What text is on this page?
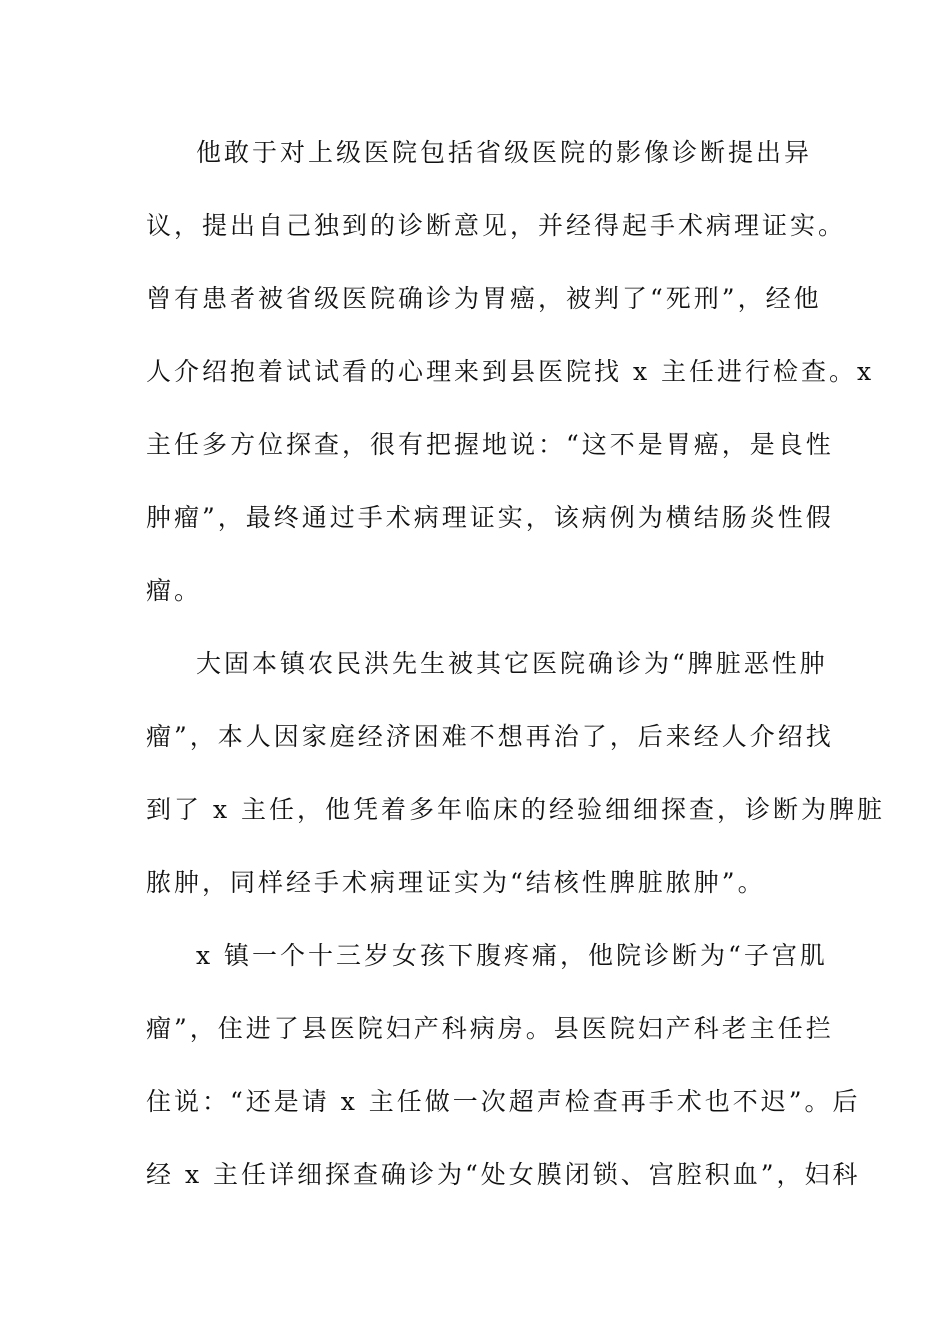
他敢于对上级医院包括省级医院的影像诊断提出异

议，提出自己独到的诊断意见，并经得起手术病理证实。

曾有患者被省级医院确诊为胃癌，被判了“死刑”，经他

人介绍抱着试试看的心理来到县医院找 x 主任进行检查。x

主任多方位探查，很有把握地说：“这不是胃癌，是良性

肿瘤”，最终通过手术病理证实，该病例为横结肠炎性假

瘤。

大固本镇农民洪先生被其它医院确诊为“脾脏恶性肿

瘤”，本人因家庭经济困难不想再治了，后来经人介绍找

到了 x 主任，他凭着多年临床的经验细细探查，诊断为脾脏

脓肿，同样经手术病理证实为“结核性脾脏脓肿”。

x 镇一个十三岁女孩下腹疼痛，他院诊断为“子宫肌

瘤”，住进了县医院妇产科病房。县医院妇产科老主任拦

住说：“还是请 x 主任做一次超声检查再手术也不迟”。后

经 x 主任详细探查确诊为“处女膜闭锁、宫腔积血”，妇科
